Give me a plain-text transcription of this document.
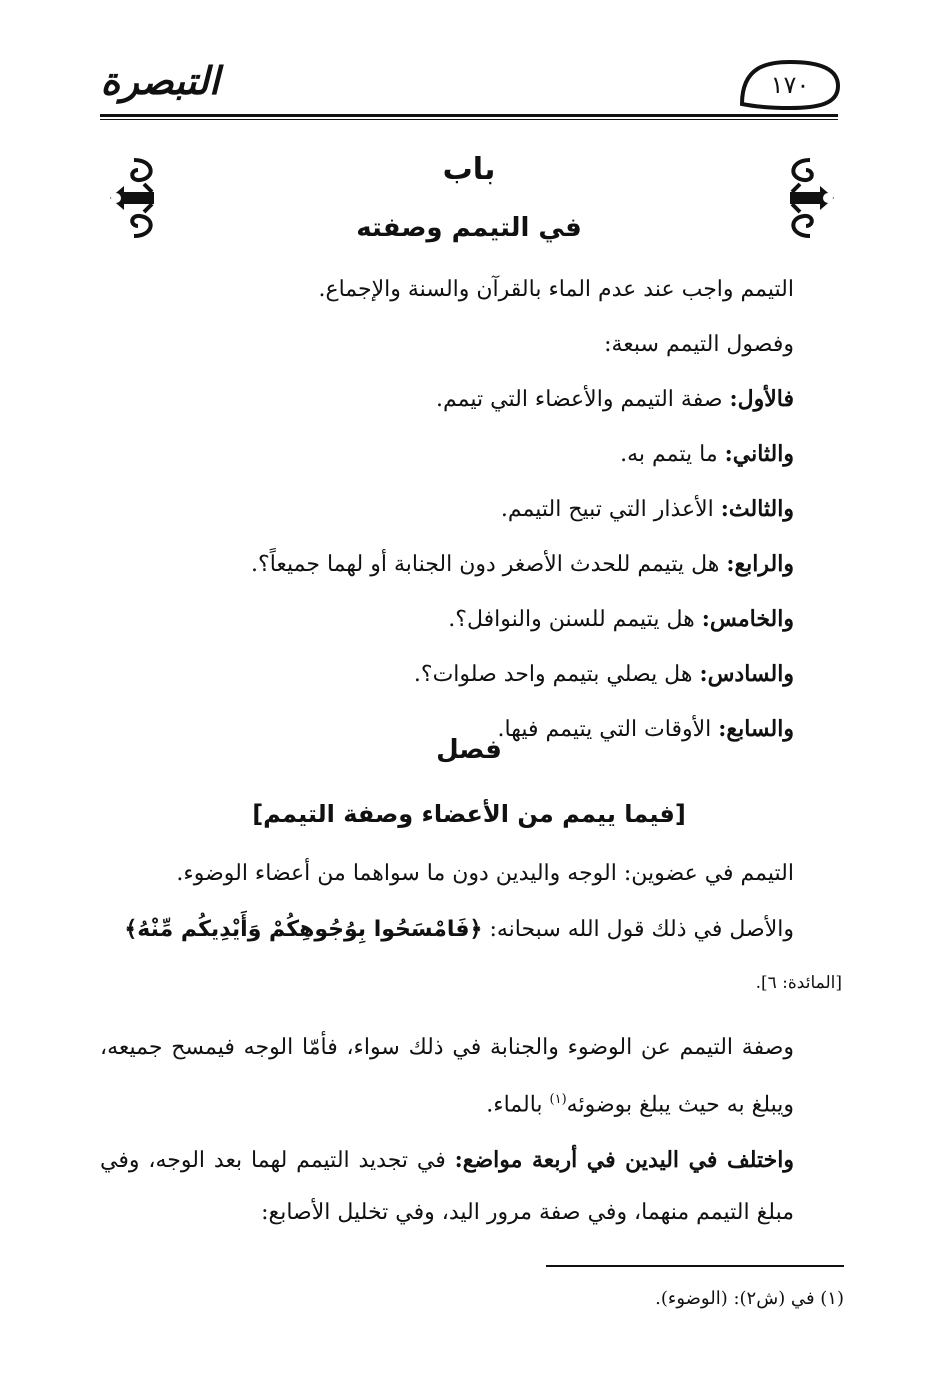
التبصرة	١٧٠
باب
في التيمم وصفته
التيمم واجب عند عدم الماء بالقرآن والسنة والإجماع.
وفصول التيمم سبعة:
فالأول: صفة التيمم والأعضاء التي تيمم.
والثاني: ما يتمم به.
والثالث: الأعذار التي تبيح التيمم.
والرابع: هل يتيمم للحدث الأصغر دون الجنابة أو لهما جميعاً؟.
والخامس: هل يتيمم للسنن والنوافل؟.
والسادس: هل يصلي بتيمم واحد صلوات؟.
والسابع: الأوقات التي يتيمم فيها.
فصل
[فيما ييمم من الأعضاء وصفة التيمم]
التيمم في عضوين: الوجه واليدين دون ما سواهما من أعضاء الوضوء.
والأصل في ذلك قول الله سبحانه: ﴿فَامْسَحُوا بِوُجُوهِكُمْ وَأَيْدِيكُم مِّنْهُ﴾
[المائدة: ٦].
وصفة التيمم عن الوضوء والجنابة في ذلك سواء، فأمّا الوجه فيمسح جميعه، ويبلغ به حيث يبلغ بوضوئه$^{(١)}$ بالماء.
واختلف في اليدين في أربعة مواضع: في تجديد التيمم لهما بعد الوجه، وفي مبلغ التيمم منهما، وفي صفة مرور اليد، وفي تخليل الأصابع:
(١) في (ش٢): (الوضوء).
